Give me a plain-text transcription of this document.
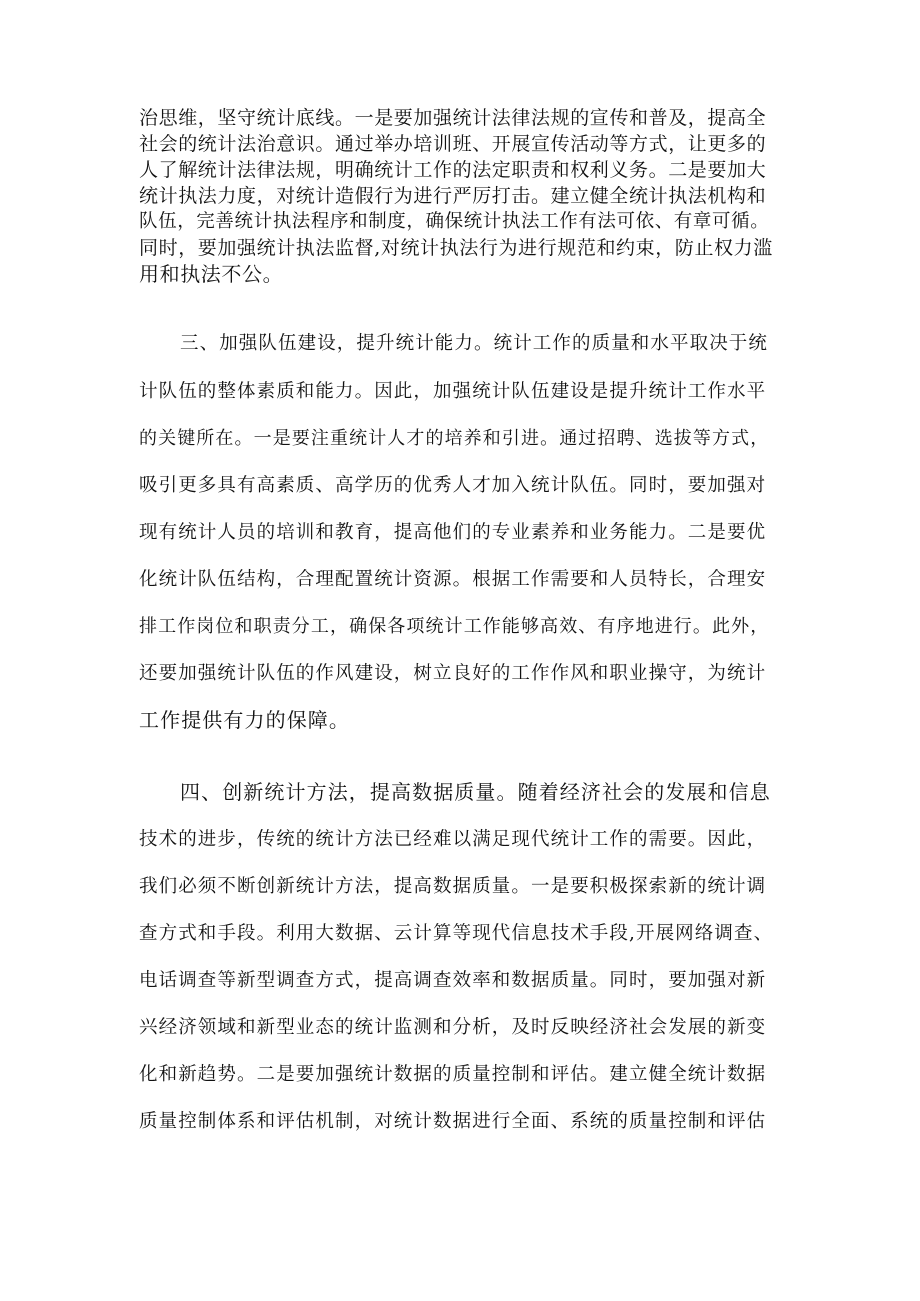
治思维，坚守统计底线。一是要加强统计法律法规的宣传和普及，提高全
社会的统计法治意识。通过举办培训班、开展宣传活动等方式，让更多的
人了解统计法律法规，明确统计工作的法定职责和权利义务。二是要加大
统计执法力度，对统计造假行为进行严厉打击。建立健全统计执法机构和
队伍，完善统计执法程序和制度，确保统计执法工作有法可依、有章可循。
同时，要加强统计执法监督,对统计执法行为进行规范和约束，防止权力滥
用和执法不公。
三、加强队伍建设，提升统计能力。统计工作的质量和水平取决于统
计队伍的整体素质和能力。因此，加强统计队伍建设是提升统计工作水平
的关键所在。一是要注重统计人才的培养和引进。通过招聘、选拔等方式，
吸引更多具有高素质、高学历的优秀人才加入统计队伍。同时，要加强对
现有统计人员的培训和教育，提高他们的专业素养和业务能力。二是要优
化统计队伍结构，合理配置统计资源。根据工作需要和人员特长，合理安
排工作岗位和职责分工，确保各项统计工作能够高效、有序地进行。此外，
还要加强统计队伍的作风建设，树立良好的工作作风和职业操守，为统计
工作提供有力的保障。
四、创新统计方法，提高数据质量。随着经济社会的发展和信息
技术的进步，传统的统计方法已经难以满足现代统计工作的需要。因此，
我们必须不断创新统计方法，提高数据质量。一是要积极探索新的统计调
查方式和手段。利用大数据、云计算等现代信息技术手段,开展网络调查、
电话调查等新型调查方式，提高调查效率和数据质量。同时，要加强对新
兴经济领域和新型业态的统计监测和分析，及时反映经济社会发展的新变
化和新趋势。二是要加强统计数据的质量控制和评估。建立健全统计数据
质量控制体系和评估机制，对统计数据进行全面、系统的质量控制和评估
